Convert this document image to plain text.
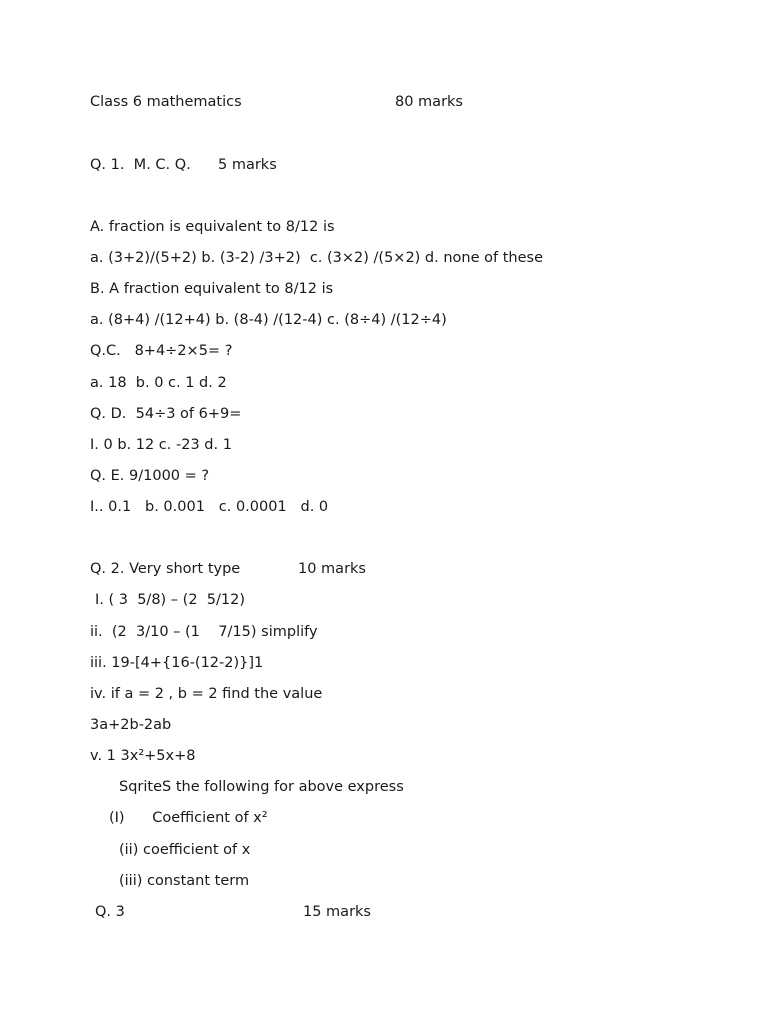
Class 6 mathematics

	80 marks

Q. 1.  M. C. Q.

5 marks

A. fraction is equivalent to 8/12 is
a. (3+2)/(5+2) b. (3-2) /3+2)  c. (3×2) /(5×2) d. none of these
B. A fraction equivalent to 8/12 is
a. (8+4) /(12+4) b. (8-4) /(12-4) c. (8÷4) /(12÷4)
Q.C.   8+4÷2×5= ?
a. 18  b. 0 c. 1 d. 2
Q. D.  54÷3 of 6+9=
I. 0 b. 12 c. -23 d. 1
Q. E. 9/1000 = ?
I.. 0.1   b. 0.001   c. 0.0001   d. 0

Q. 2. Very short type

	10 marks

I. ( 3  5/8) – (2  5/12)
ii.  (2  3/10 – (1    7/15) simplify
iii. 19-[4+{16-(12-2)}]1
iv. if a = 2 , b = 2 find the value
3a+2b-2ab
v. 1 3x²+5x+8
SqriteS the following for above express
(I)      Coefficient of x²
(ii) coefficient of x
(iii) constant term

Q. 3

	15 marks
